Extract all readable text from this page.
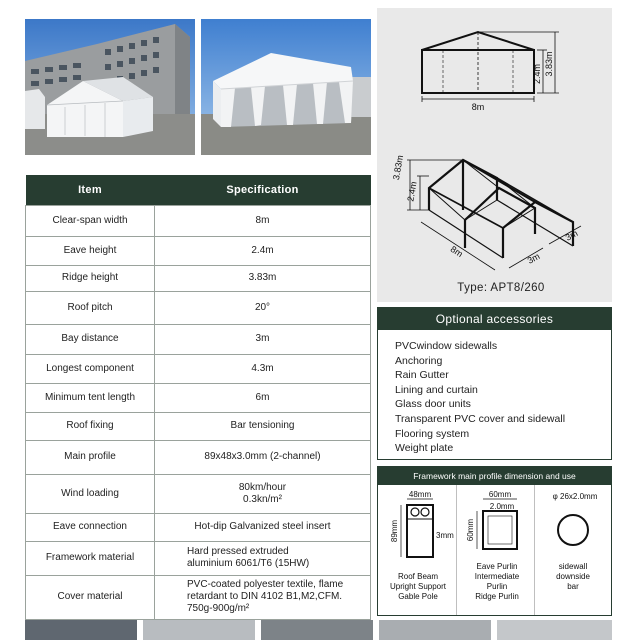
8m
2.4m 3.83m
3.83m
2.4m
8m	3m
3m
Type: APT8/260
Item	Specification
Clear-span width	8m
Eave height	2.4m
Ridge height	3.83m
Roof pitch	20°
Bay distance	3m
Longest component	4.3m
Minimum tent length	6m
Roof fixing	Bar tensioning
Main profile	89x48x3.0mm (2-channel)
Wind loading	80km/hour
0.3kn/m²

Eave connection	Hot-dip Galvanized steel insert
Framework material	Hard pressed extruded
aluminium 6061/T6 (15HW)

Cover material	PVC-coated polyester textile, flame
retardant to DIN 4102 B1,M2,CFM.
750g-900g/m²
Optional accessories
PVCwindow sidewalls
Anchoring
Rain Gutter
Lining and curtain
Glass door units
Transparent PVC cover and sidewall
Flooring system
Weight plate
Framework main profile dimension and use
48mm
89mm	3mm
Roof Beam
Upright Support
Gable Pole
60mm
2.0mm
60mm
Eave Purlin
Intermediate
Purlin
Ridge Purlin
φ 26x2.0mm
sidewall
downside
bar
